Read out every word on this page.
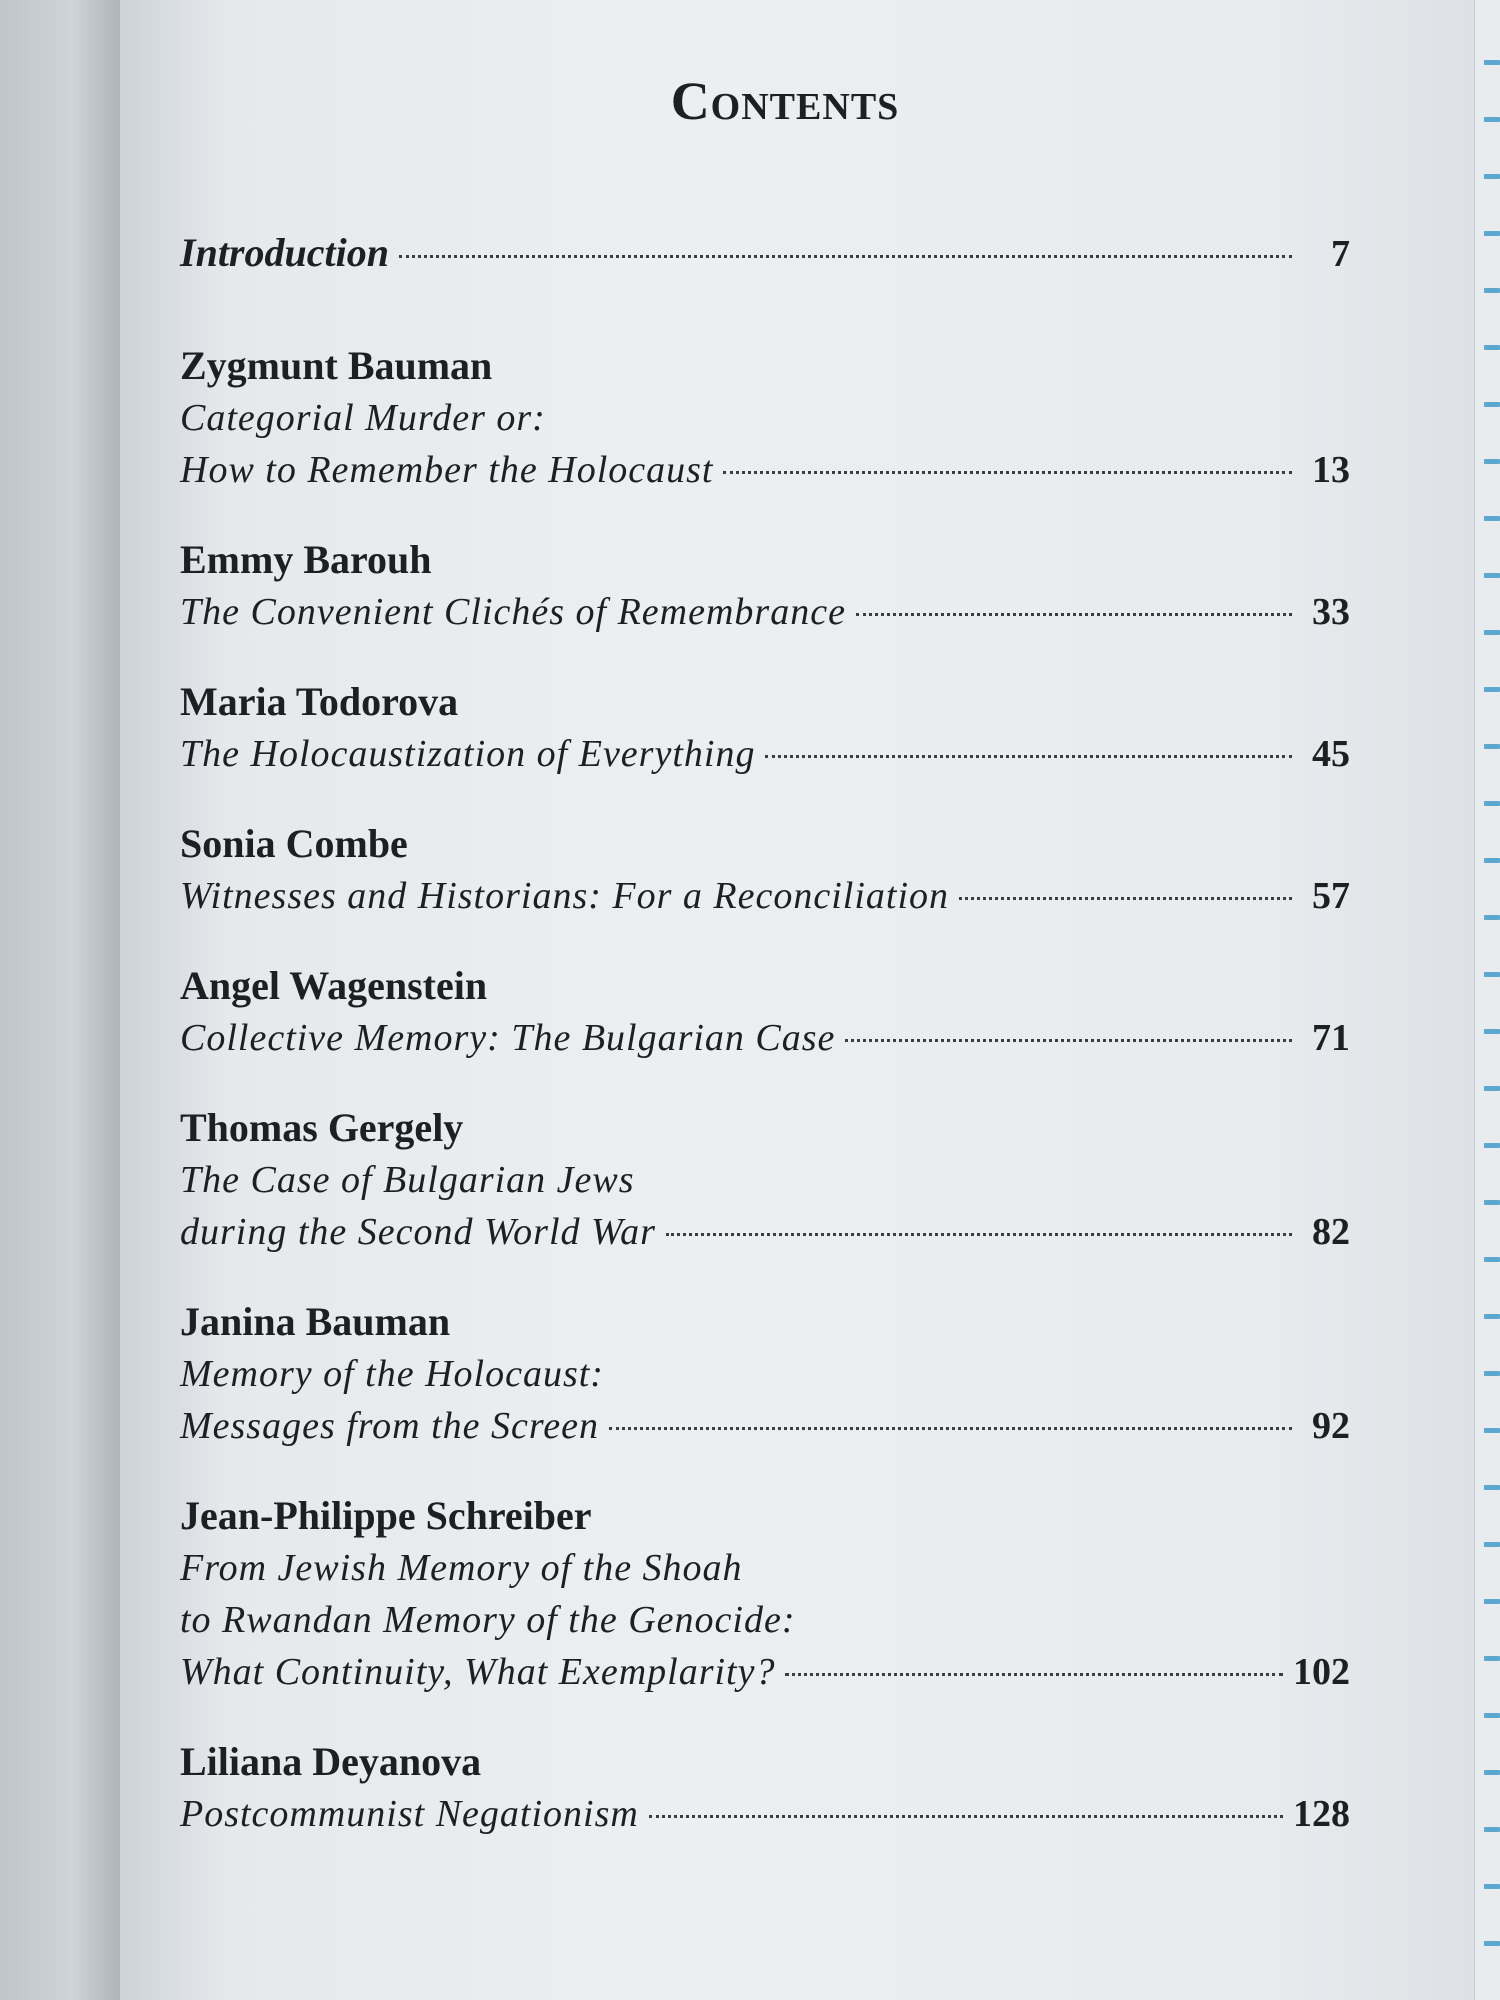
Contents
Introduction	7
Zygmunt Bauman
Categorial Murder or:
How to Remember the Holocaust	13
Emmy Barouh
The Convenient Clichés of Remembrance	33
Maria Todorova
The Holocaustization of Everything	45
Sonia Combe
Witnesses and Historians: For a Reconciliation	57
Angel Wagenstein
Collective Memory: The Bulgarian Case	71
Thomas Gergely
The Case of Bulgarian Jews
during the Second World War	82
Janina Bauman
Memory of the Holocaust:
Messages from the Screen	92
Jean-Philippe Schreiber
From Jewish Memory of the Shoah
to Rwandan Memory of the Genocide:
What Continuity, What Exemplarity?	102
Liliana Deyanova
Postcommunist Negationism	128
